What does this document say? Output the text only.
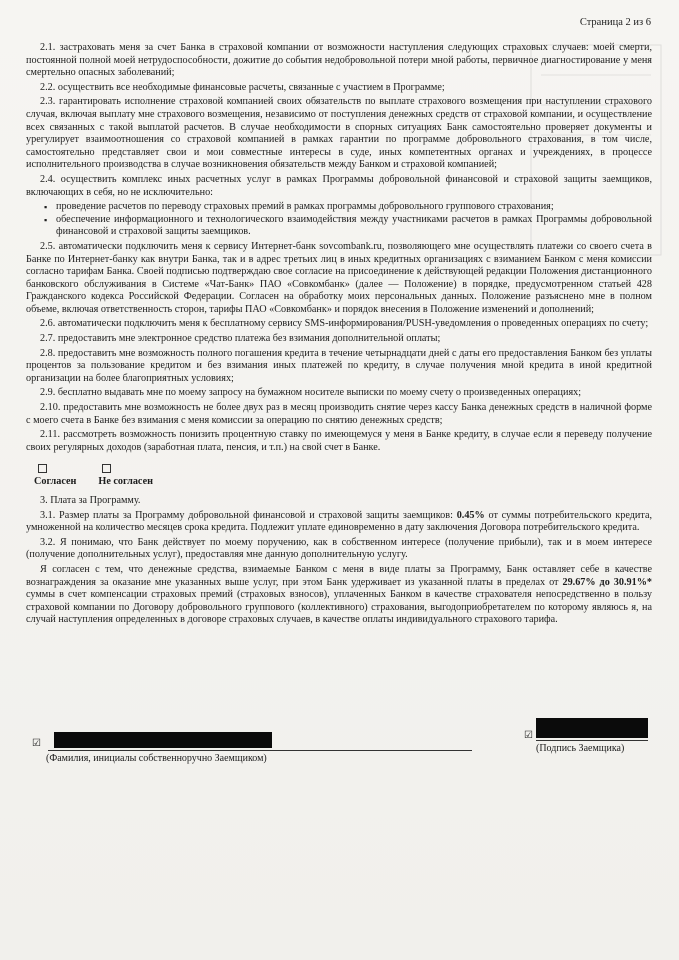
Страница 2 из 6

2.1. застраховать меня за счет Банка в страховой компании от возможности наступления следующих страховых случаев: моей смерти, постоянной полной моей нетрудоспособности, дожитие до события недобровольной потери мной работы, первичное диагностирование у меня смертельно опасных заболеваний;

2.2. осуществить все необходимые финансовые расчеты, связанные с участием в Программе;

2.3. гарантировать исполнение страховой компанией своих обязательств по выплате страхового возмещения при наступлении страхового случая, включая выплату мне страхового возмещения, независимо от поступления денежных средств от страховой компании, и осуществление всех связанных с такой выплатой расчетов. В случае необходимости в спорных ситуациях Банк самостоятельно проверяет документы и урегулирует взаимоотношения со страховой компанией в рамках гарантии по программе добровольного страхования, в том числе, самостоятельно представляет свои и мои совместные интересы в суде, иных компетентных органах и учреждениях, в процессе исполнительного производства в случае возникновения обязательств между Банком и страховой компанией;

2.4. осуществить комплекс иных расчетных услуг в рамках Программы добровольной финансовой и страховой защиты заемщиков, включающих в себя, но не исключительно:

▪ проведение расчетов по переводу страховых премий в рамках программы добровольного группового страхования;
▪ обеспечение информационного и технологического взаимодействия между участниками расчетов в рамках Программы добровольной финансовой и страховой защиты заемщиков.

2.5. автоматически подключить меня к сервису Интернет-банк sovcombank.ru, позволяющего мне осуществлять платежи со своего счета в Банке по Интернет-банку как внутри Банка, так и в адрес третьих лиц в иных кредитных организациях с взиманием Банком с меня комиссии согласно тарифам Банка. Своей подписью подтверждаю свое согласие на присоединение к действующей редакции Положения дистанционного банковского обслуживания в Системе «Чат-Банк» ПАО «Совкомбанк» (далее — Положение) в порядке, предусмотренном статьей 428 Гражданского кодекса Российской Федерации. Согласен на обработку моих персональных данных. Положение разъяснено мне в полном объеме, включая ответственность сторон, тарифы ПАО «Совкомбанк» и порядок внесения в Положение изменений и дополнений;

2.6. автоматически подключить меня к бесплатному сервису SMS-информирования/PUSH-уведомления о проведенных операциях по счету;

2.7. предоставить мне электронное средство платежа без взимания дополнительной оплаты;

2.8. предоставить мне возможность полного погашения кредита в течение четырнадцати дней с даты его предоставления Банком без уплаты процентов за пользование кредитом и без взимания иных платежей по кредиту, в случае получения мной кредита в иной кредитной организации на более благоприятных условиях;

2.9. бесплатно выдавать мне по моему запросу на бумажном носителе выписки по моему счету о произведенных операциях;

2.10. предоставить мне возможность не более двух раз в месяц производить снятие через кассу Банка денежных средств в наличной форме с моего счета в Банке без взимания с меня комиссии за операцию по снятию денежных средств;

2.11. рассмотреть возможность понизить процентную ставку по имеющемуся у меня в Банке кредиту, в случае если я переведу получение своих регулярных доходов (заработная плата, пенсия, и т.п.) на свой счет в Банке.

Согласен Не согласен

3. Плата за Программу.

3.1. Размер платы за Программу добровольной финансовой и страховой защиты заемщиков: 0.45% от суммы потребительского кредита, умноженной на количество месяцев срока кредита. Подлежит уплате единовременно в дату заключения Договора потребительского кредита.

3.2. Я понимаю, что Банк действует по моему поручению, как в собственном интересе (получение прибыли), так и в моем интересе (получение дополнительных услуг), предоставляя мне данную дополнительную услугу.

Я согласен с тем, что денежные средства, взимаемые Банком с меня в виде платы за Программу, Банк оставляет себе в качестве вознаграждения за оказание мне указанных выше услуг, при этом Банк удерживает из указанной платы в пределах от 29.67% до 30.91%* суммы в счет компенсации страховых премий (страховых взносов), уплаченных Банком в качестве страхователя непосредственно в пользу страховой компании по Договору добровольного группового (коллективного) страхования, выгодоприобретателем по которому являюсь я, на случай наступления определенных в договоре страховых случаев, в качестве оплаты индивидуального страхового тарифа.

☑
(Фамилия, инициалы собственноручно Заемщиком)
☑
(Подпись Заемщика)
